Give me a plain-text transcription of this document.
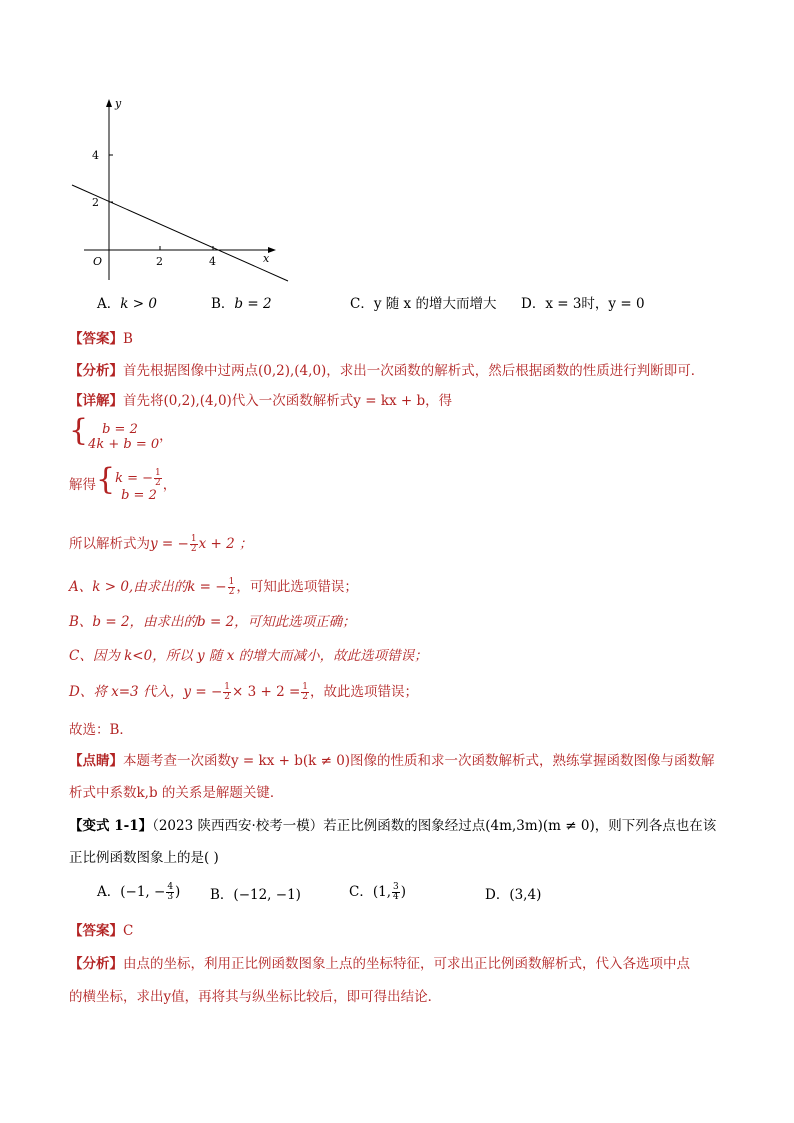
y
x
O
4
2
2	4
A．k > 0	B．b = 2	C．y 随 x 的增大而增大 D．x = 3时，y = 0
【答案】B
【分析】首先根据图像中过两点(0,2),(4,0)，求出一次函数的解析式，然后根据函数的性质进行判断即可．
【详解】首先将(0,2),(4,0)代入一次函数解析式y = kx + b，得
{	b = 2
4k + b = 0 ，
解得{ k = − $\frac{1}{2}$
b = 2
，
所以解析式为y = − $\frac{1}{2}$ x + 2 ；
A、k > 0,由求出的k = − $\frac{1}{2}$ ，可知此选项错误；
B、b = 2，由求出的b = 2，可知此选项正确；
C、因为 k<0，所以 y 随 x 的增大而减小，故此选项错误；
D、将 x=3 代入，y = − $\frac{1}{2} \times 3 + 2 = \frac{1}{2}$ ，故此选项错误；
故选：B．
【点睛】本题考查一次函数y = kx + b(k ≠ 0)图像的性质和求一次函数解析式，熟练掌握函数图像与函数解
析式中系数k,b 的关系是解题关键．
【变式 1-1】（2023 陕西西安·校考一模）若正比例函数的图象经过点(4m,3m)(m ≠ 0)，则下列各点也在该
正比例函数图象上的是( )
A．(−1, − $\frac{4}{3}$ ) B．(−12, −1)	C．(1, $\frac{3}{4}$ )	D．(3,4)
【答案】C
【分析】由点的坐标，利用正比例函数图象上点的坐标特征，可求出正比例函数解析式，代入各选项中点
的横坐标，求出y值，再将其与纵坐标比较后，即可得出结论．
